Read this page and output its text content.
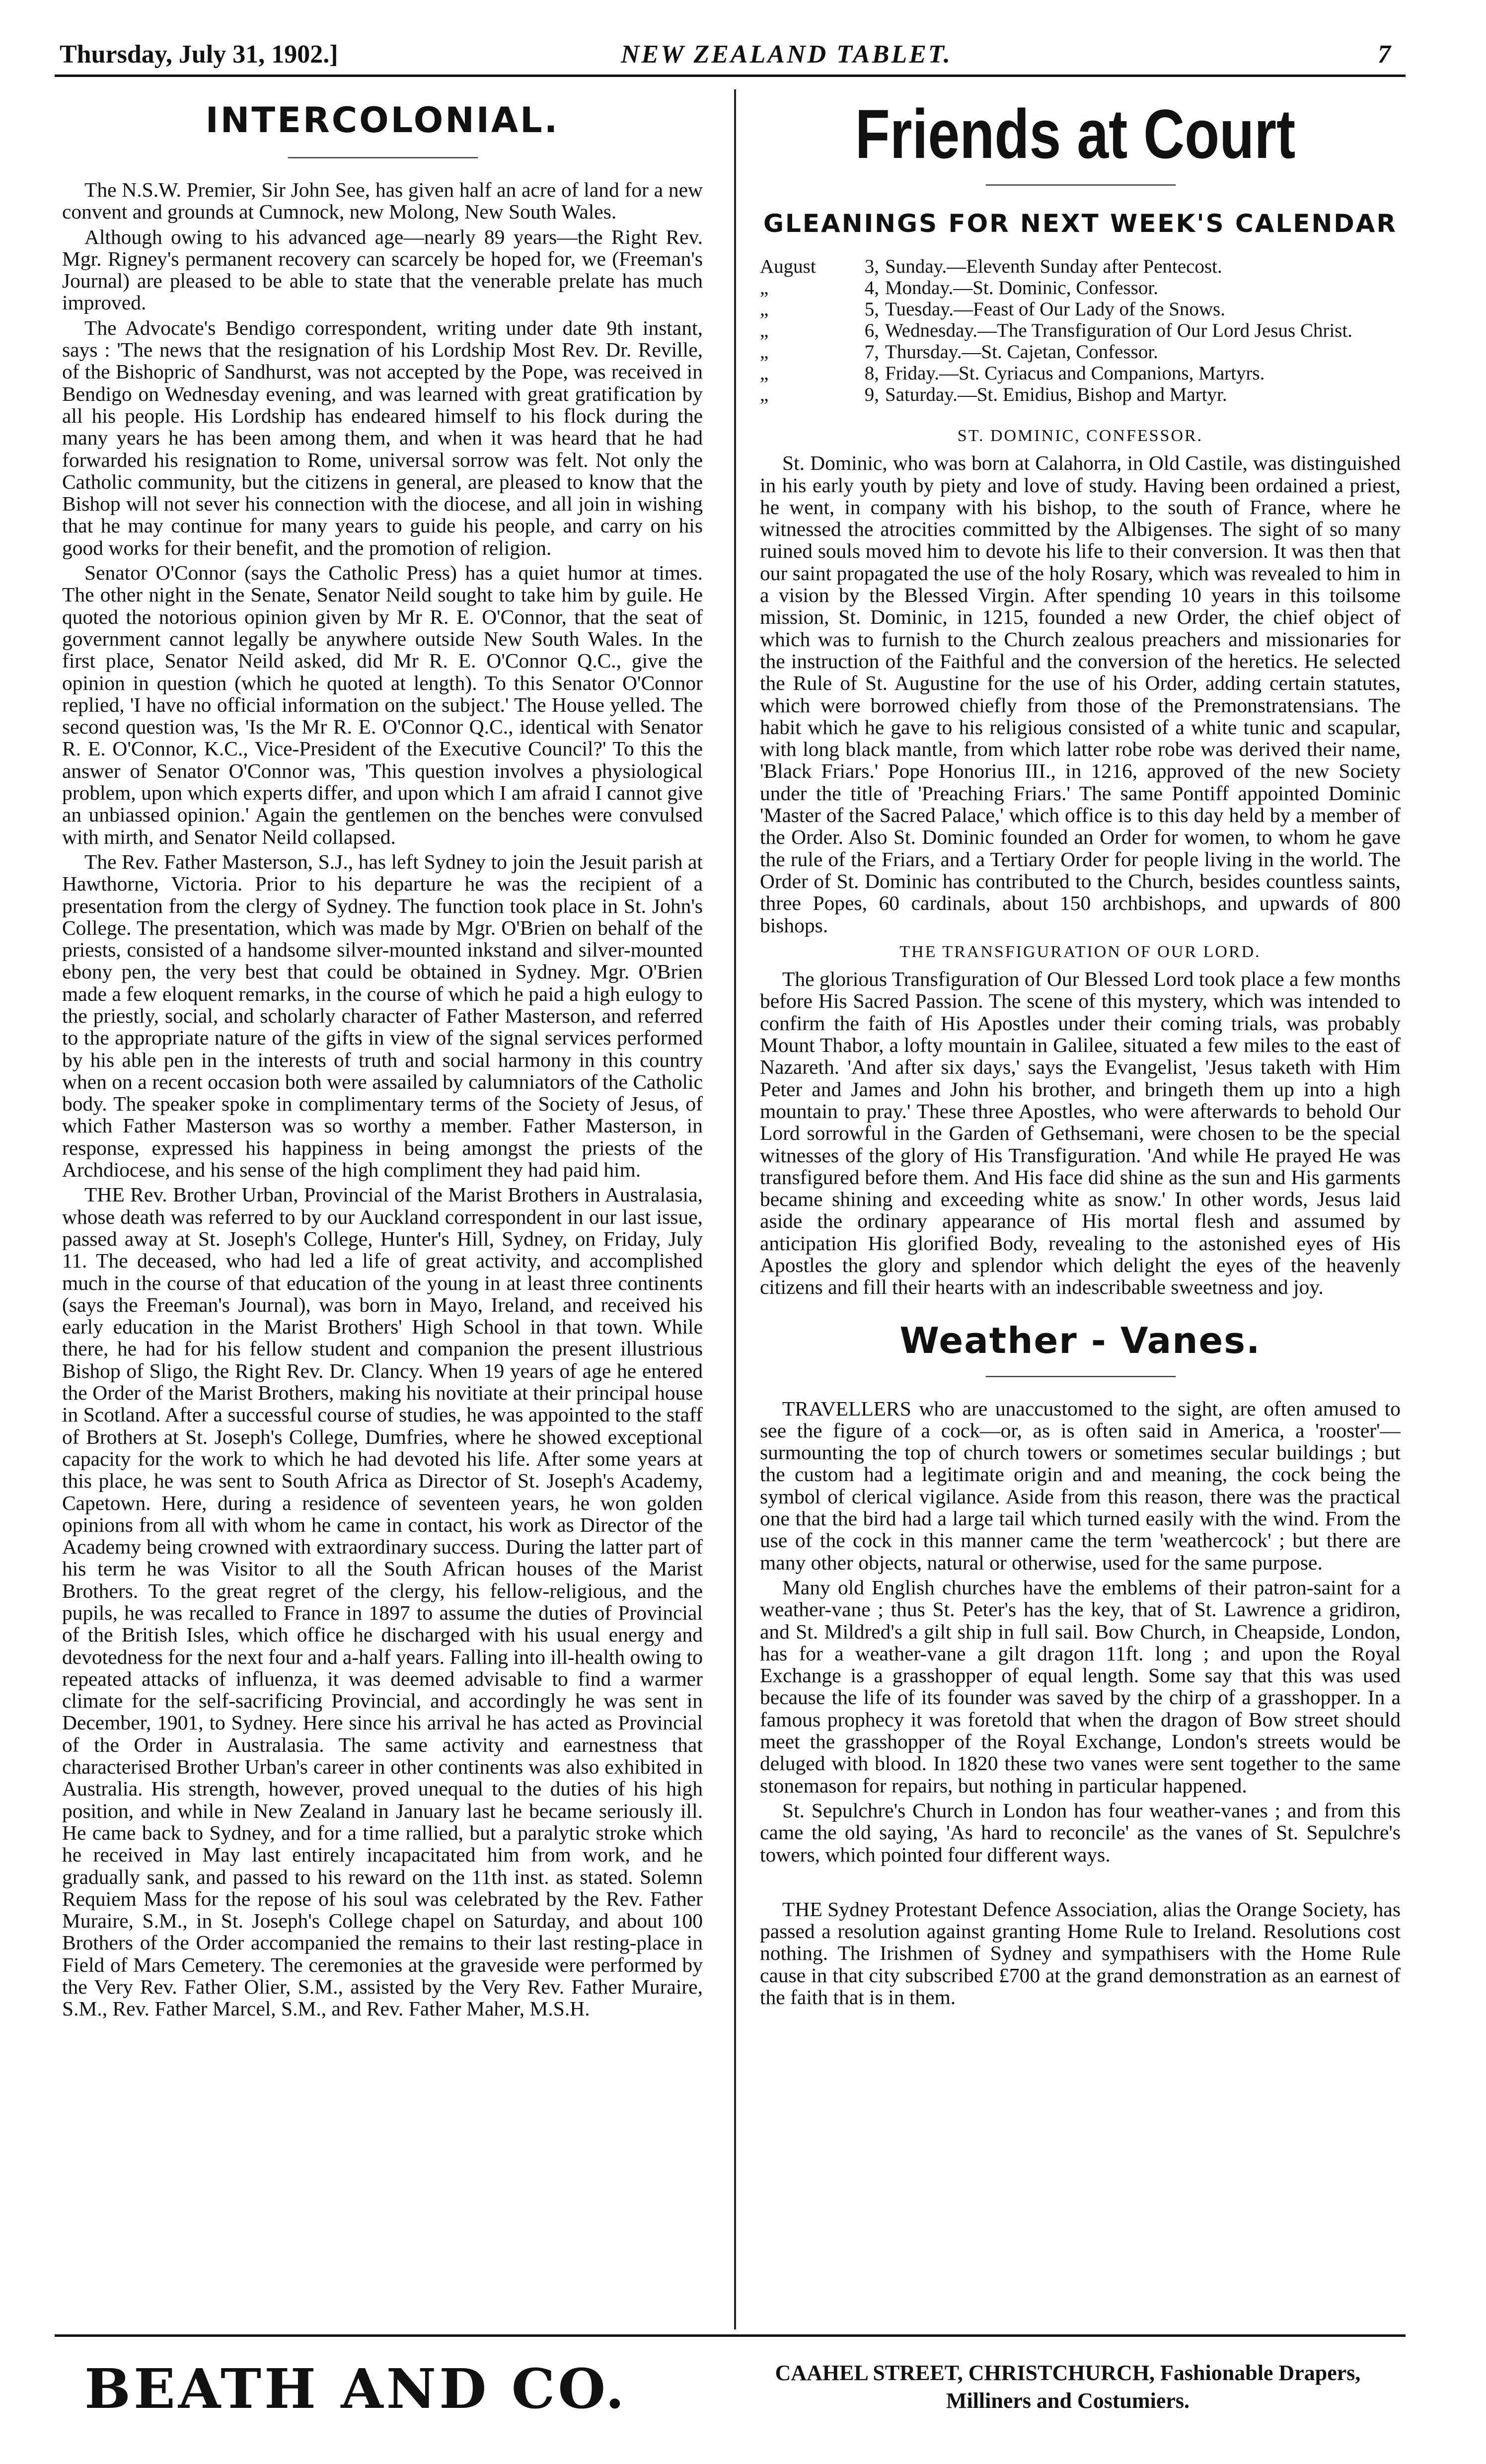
Thursday, July 31, 1902.]	NEW ZEALAND TABLET.	7
INTERCOLONIAL.
—————

The N.S.W. Premier, Sir John See, has given half an acre of land for a new convent and grounds at Cumnock, new Molong, New South Wales.

Although owing to his advanced age—nearly 89 years—the Right Rev. Mgr. Rigney's permanent recovery can scarcely be hoped for, we (Freeman's Journal) are pleased to be able to state that the venerable prelate has much improved.

The Advocate's Bendigo correspondent, writing under date 9th instant, says : 'The news that the resignation of his Lordship Most Rev. Dr. Reville, of the Bishopric of Sandhurst, was not accepted by the Pope, was received in Bendigo on Wednesday evening, and was learned with great gratification by all his people. His Lordship has endeared himself to his flock during the many years he has been among them, and when it was heard that he had forwarded his resignation to Rome, universal sorrow was felt. Not only the Catholic community, but the citizens in general, are pleased to know that the Bishop will not sever his connection with the diocese, and all join in wishing that he may continue for many years to guide his people, and carry on his good works for their benefit, and the promotion of religion.

Senator O'Connor (says the Catholic Press) has a quiet humor at times. The other night in the Senate, Senator Neild sought to take him by guile. He quoted the notorious opinion given by Mr R. E. O'Connor, that the seat of government cannot legally be anywhere outside New South Wales. In the first place, Senator Neild asked, did Mr R. E. O'Connor Q.C., give the opinion in question (which he quoted at length). To this Senator O'Connor replied, 'I have no official information on the subject.' The House yelled. The second question was, 'Is the Mr R. E. O'Connor Q.C., identical with Senator R. E. O'Connor, K.C., Vice-President of the Executive Council?' To this the answer of Senator O'Connor was, 'This question involves a physiological problem, upon which experts differ, and upon which I am afraid I cannot give an unbiassed opinion.' Again the gentlemen on the benches were convulsed with mirth, and Senator Neild collapsed.

The Rev. Father Masterson, S.J., has left Sydney to join the Jesuit parish at Hawthorne, Victoria. Prior to his departure he was the recipient of a presentation from the clergy of Sydney. The function took place in St. John's College. The presentation, which was made by Mgr. O'Brien on behalf of the priests, consisted of a handsome silver-mounted inkstand and silver-mounted ebony pen, the very best that could be obtained in Sydney. Mgr. O'Brien made a few eloquent remarks, in the course of which he paid a high eulogy to the priestly, social, and scholarly character of Father Masterson, and referred to the appropriate nature of the gifts in view of the signal services performed by his able pen in the interests of truth and social harmony in this country when on a recent occasion both were assailed by calumniators of the Catholic body. The speaker spoke in complimentary terms of the Society of Jesus, of which Father Masterson was so worthy a member. Father Masterson, in response, expressed his happiness in being amongst the priests of the Archdiocese, and his sense of the high compliment they had paid him.

THE Rev. Brother Urban, Provincial of the Marist Brothers in Australasia, whose death was referred to by our Auckland correspondent in our last issue, passed away at St. Joseph's College, Hunter's Hill, Sydney, on Friday, July 11. The deceased, who had led a life of great activity, and accomplished much in the course of that education of the young in at least three continents (says the Freeman's Journal), was born in Mayo, Ireland, and received his early education in the Marist Brothers' High School in that town. While there, he had for his fellow student and companion the present illustrious Bishop of Sligo, the Right Rev. Dr. Clancy. When 19 years of age he entered the Order of the Marist Brothers, making his novitiate at their principal house in Scotland. After a successful course of studies, he was appointed to the staff of Brothers at St. Joseph's College, Dumfries, where he showed exceptional capacity for the work to which he had devoted his life. After some years at this place, he was sent to South Africa as Director of St. Joseph's Academy, Capetown. Here, during a residence of seventeen years, he won golden opinions from all with whom he came in contact, his work as Director of the Academy being crowned with extraordinary success. During the latter part of his term he was Visitor to all the South African houses of the Marist Brothers. To the great regret of the clergy, his fellow-religious, and the pupils, he was recalled to France in 1897 to assume the duties of Provincial of the British Isles, which office he discharged with his usual energy and devotedness for the next four and a-half years. Falling into ill-health owing to repeated attacks of influenza, it was deemed advisable to find a warmer climate for the self-sacrificing Provincial, and accordingly he was sent in December, 1901, to Sydney. Here since his arrival he has acted as Provincial of the Order in Australasia. The same activity and earnestness that characterised Brother Urban's career in other continents was also exhibited in Australia. His strength, however, proved unequal to the duties of his high position, and while in New Zealand in January last he became seriously ill. He came back to Sydney, and for a time rallied, but a paralytic stroke which he received in May last entirely incapacitated him from work, and he gradually sank, and passed to his reward on the 11th inst. as stated. Solemn Requiem Mass for the repose of his soul was celebrated by the Rev. Father Muraire, S.M., in St. Joseph's College chapel on Saturday, and about 100 Brothers of the Order accompanied the remains to their last resting-place in Field of Mars Cemetery. The ceremonies at the graveside were performed by the Very Rev. Father Olier, S.M., assisted by the Very Rev. Father Muraire, S.M., Rev. Father Marcel, S.M., and Rev. Father Maher, M.S.H.

Friends at Court
—————
GLEANINGS FOR NEXT WEEK'S CALENDAR
August	3, Sunday.—Eleventh Sunday after Pentecost.
„	4, Monday.—St. Dominic, Confessor.
„	5, Tuesday.—Feast of Our Lady of the Snows.
„	6, Wednesday.—The Transfiguration of Our Lord Jesus Christ.
„	7, Thursday.—St. Cajetan, Confessor.
„	8, Friday.—St. Cyriacus and Companions, Martyrs.
„	9, Saturday.—St. Emidius, Bishop and Martyr.
ST. DOMINIC, CONFESSOR.

St. Dominic, who was born at Calahorra, in Old Castile, was distinguished in his early youth by piety and love of study. Having been ordained a priest, he went, in company with his bishop, to the south of France, where he witnessed the atrocities committed by the Albigenses. The sight of so many ruined souls moved him to devote his life to their conversion. It was then that our saint propagated the use of the holy Rosary, which was revealed to him in a vision by the Blessed Virgin. After spending 10 years in this toilsome mission, St. Dominic, in 1215, founded a new Order, the chief object of which was to furnish to the Church zealous preachers and missionaries for the instruction of the Faithful and the conversion of the heretics. He selected the Rule of St. Augustine for the use of his Order, adding certain statutes, which were borrowed chiefly from those of the Premonstratensians. The habit which he gave to his religious consisted of a white tunic and scapular, with long black mantle, from which latter robe robe was derived their name, 'Black Friars.' Pope Honorius III., in 1216, approved of the new Society under the title of 'Preaching Friars.' The same Pontiff appointed Dominic 'Master of the Sacred Palace,' which office is to this day held by a member of the Order. Also St. Dominic founded an Order for women, to whom he gave the rule of the Friars, and a Tertiary Order for people living in the world. The Order of St. Dominic has contributed to the Church, besides countless saints, three Popes, 60 cardinals, about 150 archbishops, and upwards of 800 bishops.

THE TRANSFIGURATION OF OUR LORD.

The glorious Transfiguration of Our Blessed Lord took place a few months before His Sacred Passion. The scene of this mystery, which was intended to confirm the faith of His Apostles under their coming trials, was probably Mount Thabor, a lofty mountain in Galilee, situated a few miles to the east of Nazareth. 'And after six days,' says the Evangelist, 'Jesus taketh with Him Peter and James and John his brother, and bringeth them up into a high mountain to pray.' These three Apostles, who were afterwards to behold Our Lord sorrowful in the Garden of Gethsemani, were chosen to be the special witnesses of the glory of His Transfiguration. 'And while He prayed He was transfigured before them. And His face did shine as the sun and His garments became shining and exceeding white as snow.' In other words, Jesus laid aside the ordinary appearance of His mortal flesh and assumed by anticipation His glorified Body, revealing to the astonished eyes of His Apostles the glory and splendor which delight the eyes of the heavenly citizens and fill their hearts with an indescribable sweetness and joy.

Weather - Vanes.
—————

TRAVELLERS who are unaccustomed to the sight, are often amused to see the figure of a cock—or, as is often said in America, a 'rooster'—surmounting the top of church towers or sometimes secular buildings ; but the custom had a legitimate origin and and meaning, the cock being the symbol of clerical vigilance. Aside from this reason, there was the practical one that the bird had a large tail which turned easily with the wind. From the use of the cock in this manner came the term 'weathercock' ; but there are many other objects, natural or otherwise, used for the same purpose.

Many old English churches have the emblems of their patron-saint for a weather-vane ; thus St. Peter's has the key, that of St. Lawrence a gridiron, and St. Mildred's a gilt ship in full sail. Bow Church, in Cheapside, London, has for a weather-vane a gilt dragon 11ft. long ; and upon the Royal Exchange is a grasshopper of equal length. Some say that this was used because the life of its founder was saved by the chirp of a grasshopper. In a famous prophecy it was foretold that when the dragon of Bow street should meet the grasshopper of the Royal Exchange, London's streets would be deluged with blood. In 1820 these two vanes were sent together to the same stonemason for repairs, but nothing in particular happened.

St. Sepulchre's Church in London has four weather-vanes ; and from this came the old saying, 'As hard to reconcile' as the vanes of St. Sepulchre's towers, which pointed four different ways.

THE Sydney Protestant Defence Association, alias the Orange Society, has passed a resolution against granting Home Rule to Ireland. Resolutions cost nothing. The Irishmen of Sydney and sympathisers with the Home Rule cause in that city subscribed £700 at the grand demonstration as an earnest of the faith that is in them.

BEATH AND CO.	CAAHEL STREET, CHRISTCHURCH, Fashionable Drapers,
Milliners and Costumiers.
